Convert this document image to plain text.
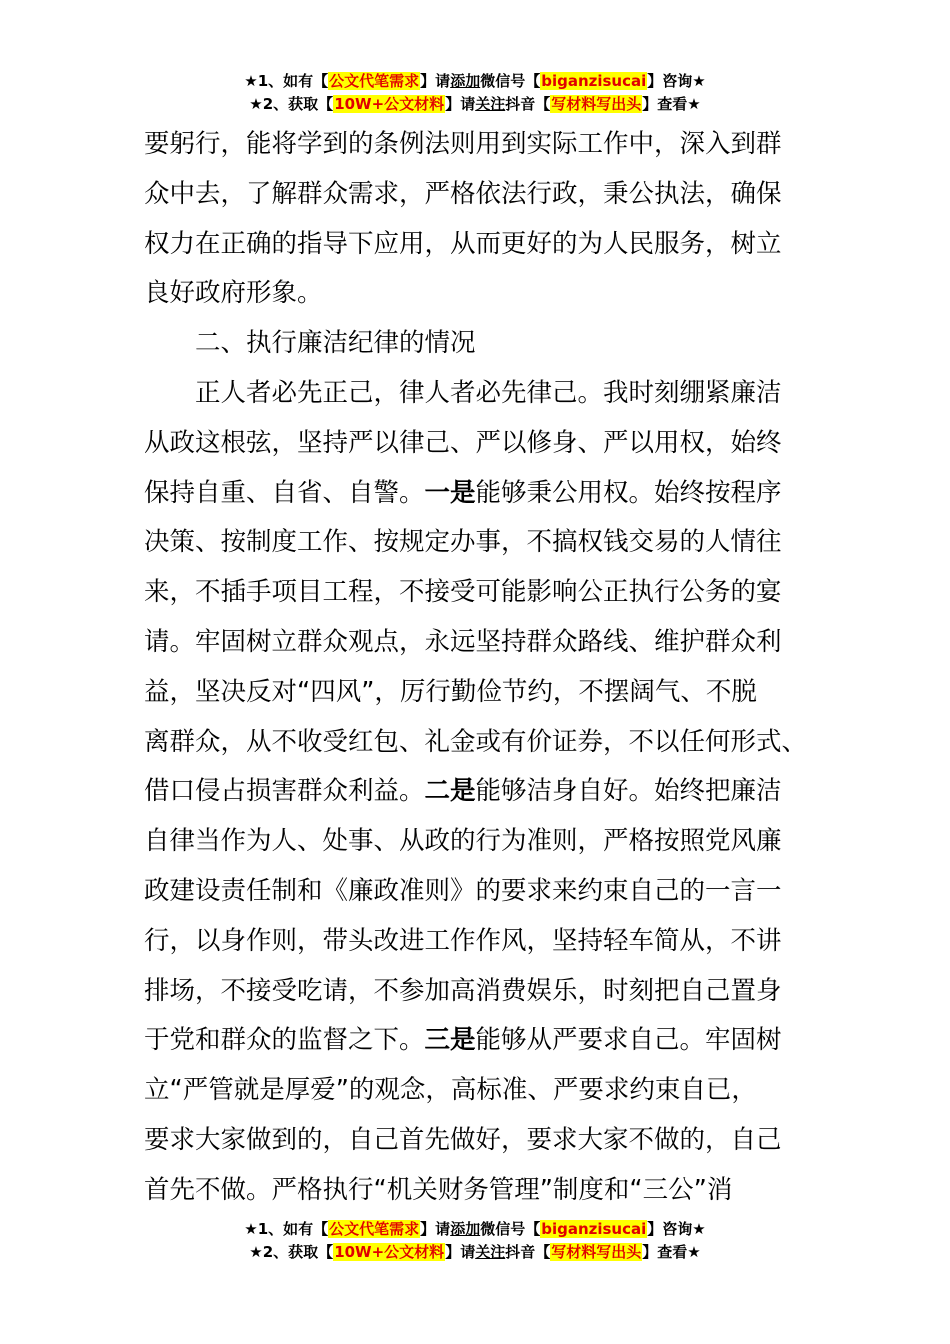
★1、如有【公文代笔需求】请添加微信号【biganzisucai】咨询★
★2、获取【10W+公文材料】请关注抖音【写材料写出头】查看★
要躬行，能将学到的条例法则用到实际工作中，深入到群
众中去，了解群众需求，严格依法行政，秉公执法，确保
权力在正确的指导下应用，从而更好的为人民服务，树立
良好政府形象。
二、执行廉洁纪律的情况
正人者必先正己，律人者必先律己。我时刻绷紧廉洁
从政这根弦，坚持严以律己、严以修身、严以用权，始终
保持自重、自省、自警。一是能够秉公用权。始终按程序
决策、按制度工作、按规定办事，不搞权钱交易的人情往
来，不插手项目工程，不接受可能影响公正执行公务的宴
请。牢固树立群众观点，永远坚持群众路线、维护群众利
益，坚决反对“四风”，厉行勤俭节约，不摆阔气、不脱
离群众，从不收受红包、礼金或有价证券，不以任何形式、
借口侵占损害群众利益。二是能够洁身自好。始终把廉洁
自律当作为人、处事、从政的行为准则，严格按照党风廉
政建设责任制和《廉政准则》的要求来约束自己的一言一
行，以身作则，带头改进工作作风，坚持轻车简从，不讲
排场，不接受吃请，不参加高消费娱乐，时刻把自己置身
于党和群众的监督之下。三是能够从严要求自己。牢固树
立“严管就是厚爱”的观念，高标准、严要求约束自已，
要求大家做到的，自己首先做好，要求大家不做的，自己
首先不做。严格执行“机关财务管理”制度和“三公”消
★1、如有【公文代笔需求】请添加微信号【biganzisucai】咨询★
★2、获取【10W+公文材料】请关注抖音【写材料写出头】查看★
